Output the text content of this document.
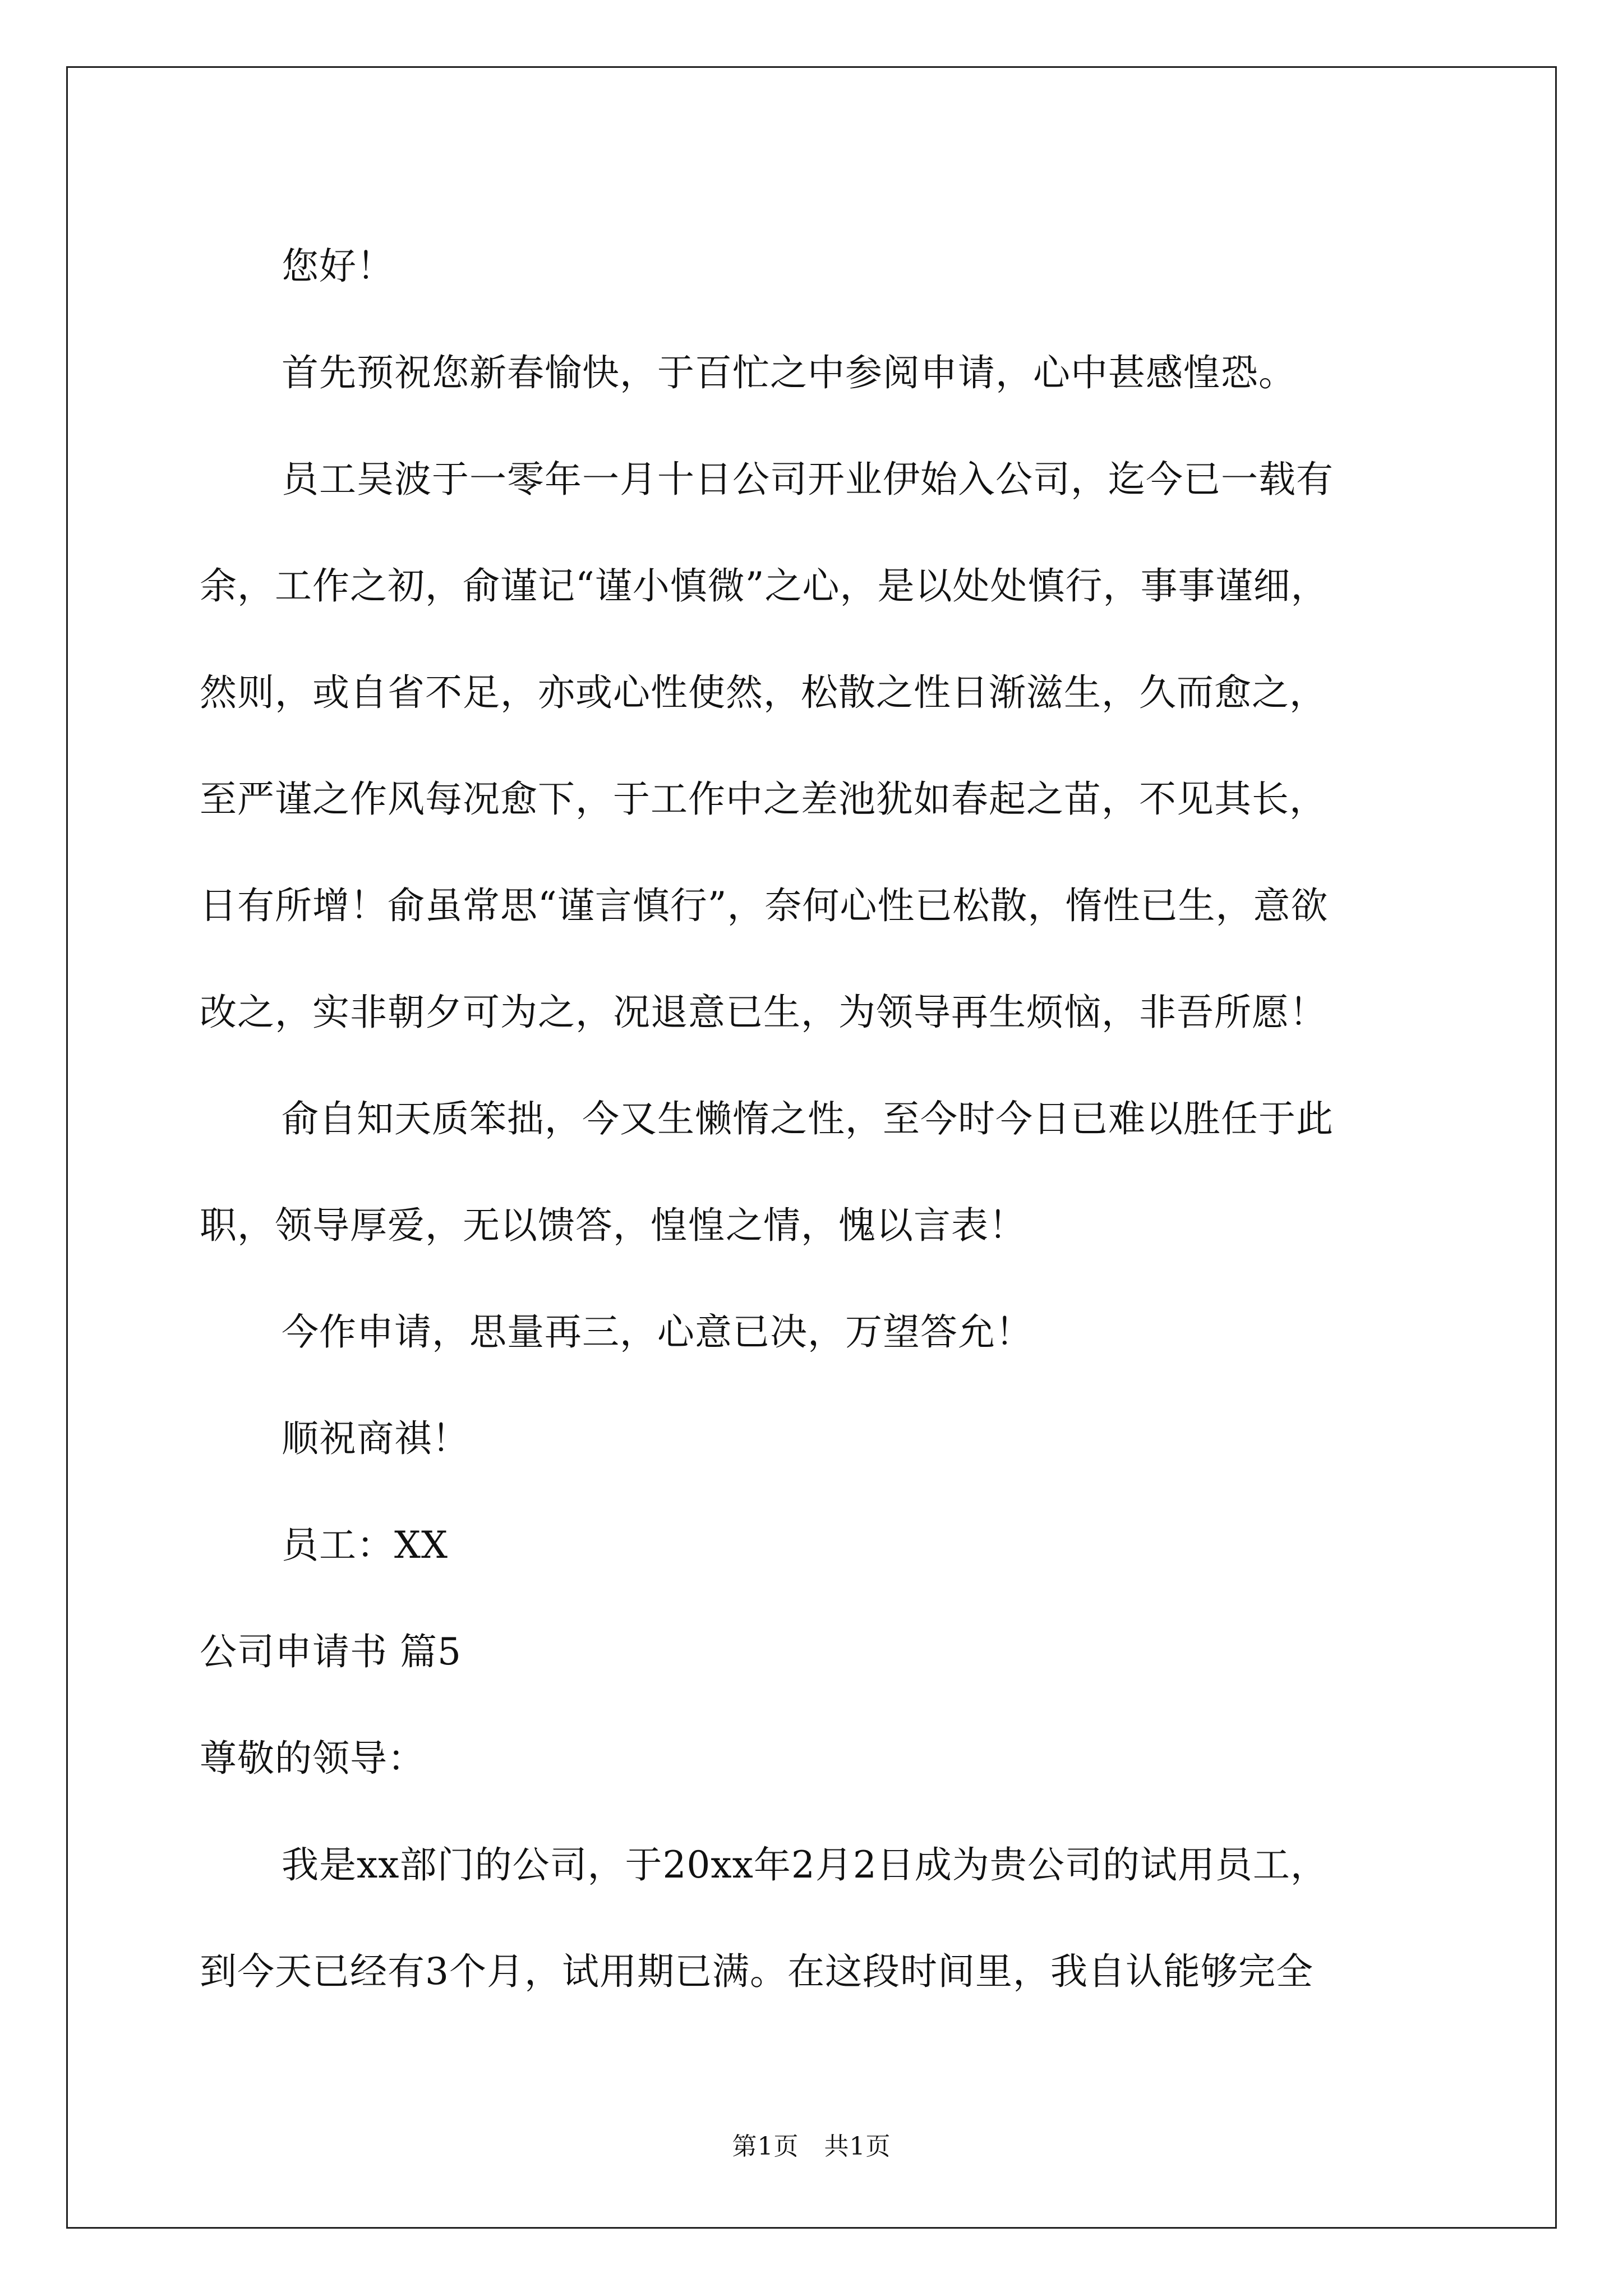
您好！
首先预祝您新春愉快，于百忙之中参阅申请，心中甚感惶恐。
员工吴波于一零年一月十日公司开业伊始入公司，迄今已一载有
余，工作之初，俞谨记“谨小慎微”之心，是以处处慎行，事事谨细，
然则，或自省不足，亦或心性使然，松散之性日渐滋生，久而愈之，
至严谨之作风每况愈下，于工作中之差池犹如春起之苗，不见其长，
日有所增！俞虽常思“谨言慎行”，奈何心性已松散，惰性已生，意欲
改之，实非朝夕可为之，况退意已生，为领导再生烦恼，非吾所愿！
俞自知天质笨拙，今又生懒惰之性，至今时今日已难以胜任于此
职，领导厚爱，无以馈答，惶惶之情，愧以言表！
今作申请，思量再三，心意已决，万望答允！
顺祝商祺！
员工：XX
公司申请书 篇5
尊敬的领导：
我是xx部门的公司，于20xx年2月2日成为贵公司的试用员工，
到今天已经有3个月，试用期已满。在这段时间里，我自认能够完全
第1页　共1页
